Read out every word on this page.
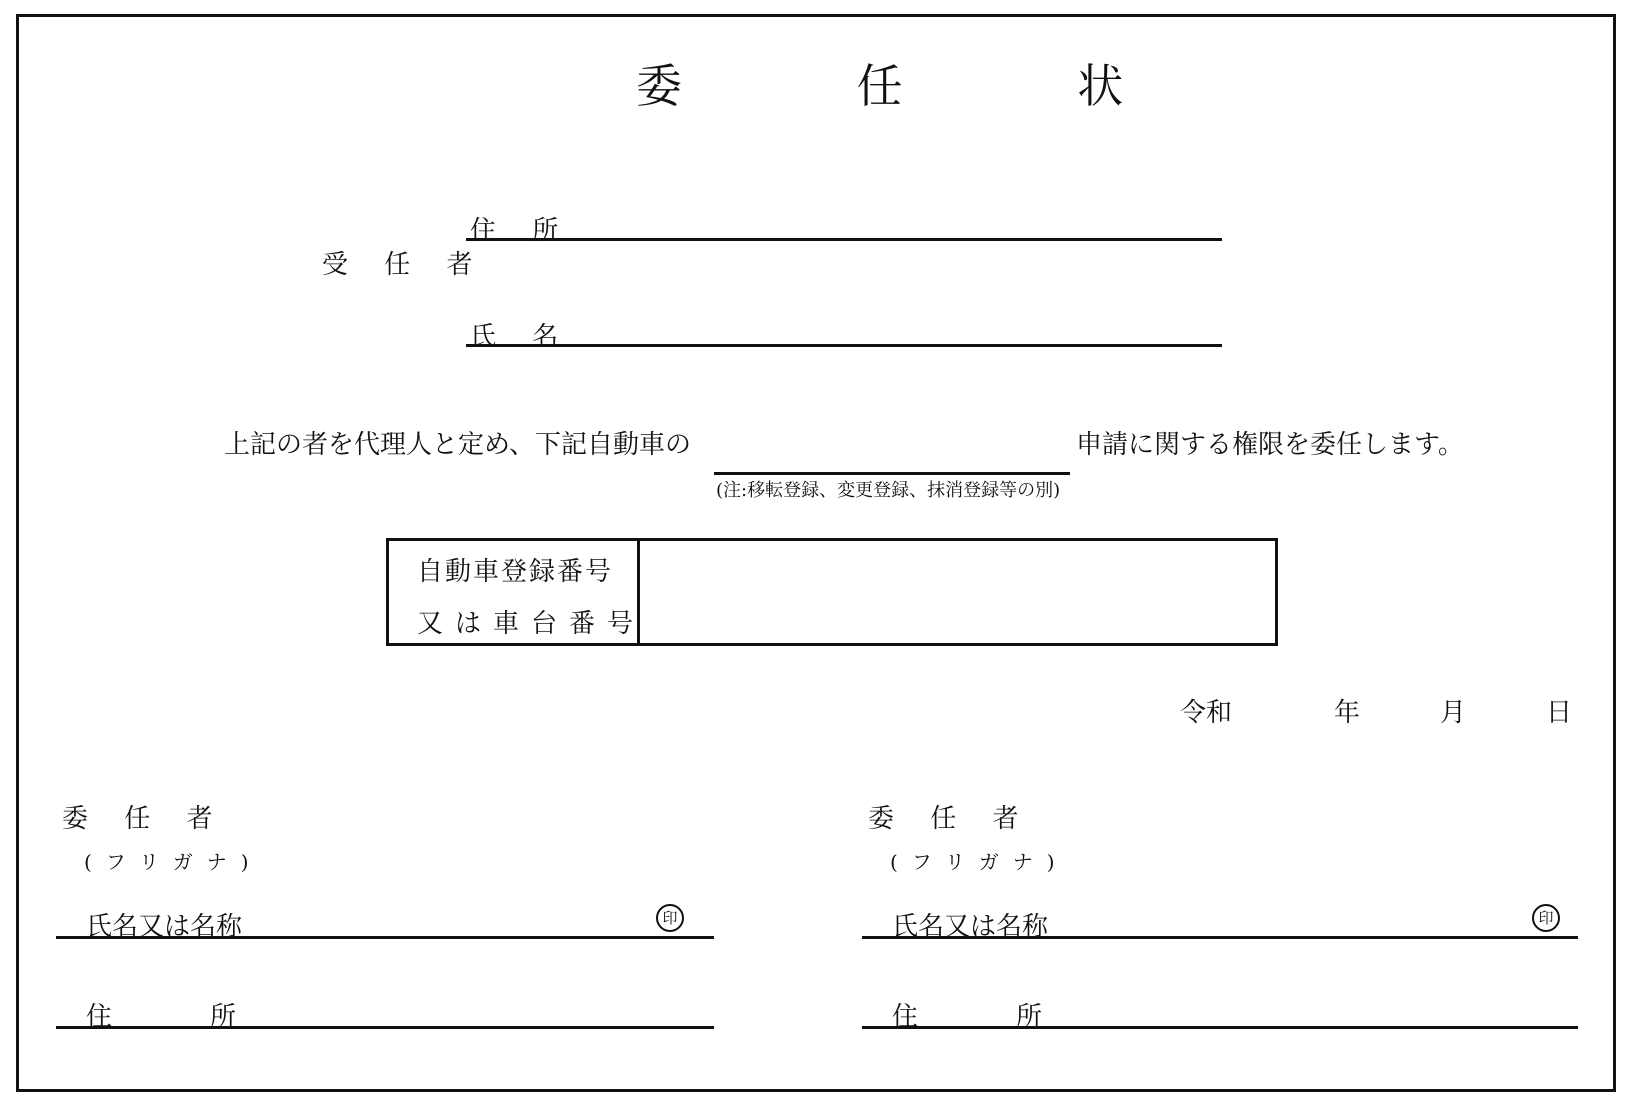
委 任 状
受 任 者
住 所
氏 名
上記の者を代理人と定め、下記自動車の	申請に関する権限を委任します。
(注:移転登録、変更登録、抹消登録等の別)
自動車登録番号
又は車台番号
令和	年	月	日
委 任 者
(フリガナ)
氏名又は名称	印
住	所
委 任 者
(フリガナ)
氏名又は名称	印
住	所
